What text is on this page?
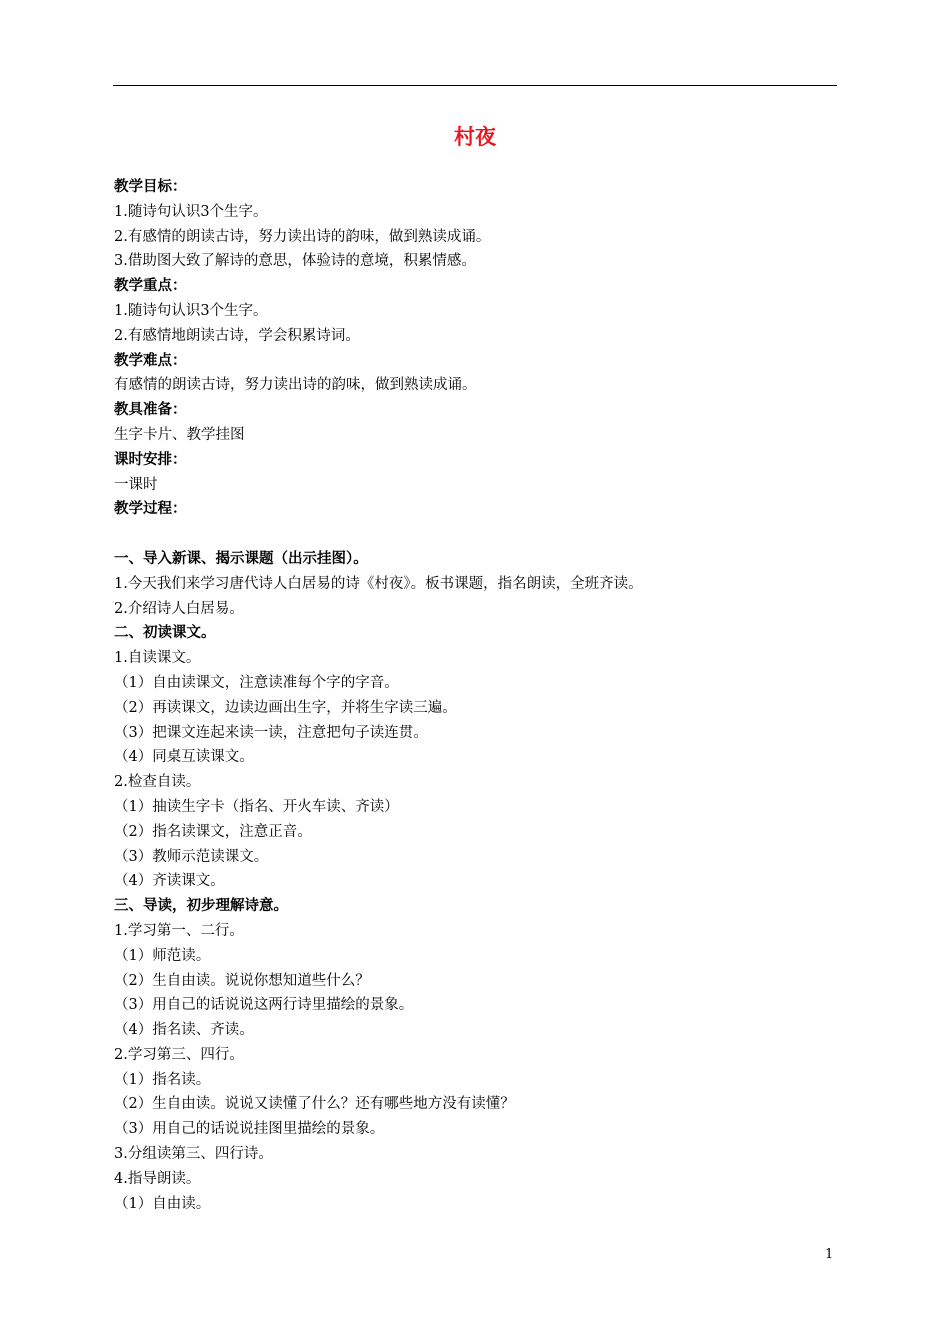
村夜
教学目标：
1.随诗句认识3个生字。
2.有感情的朗读古诗，努力读出诗的韵味，做到熟读成诵。
3.借助图大致了解诗的意思，体验诗的意境，积累情感。
教学重点：
1.随诗句认识3个生字。
2.有感情地朗读古诗，学会积累诗词。
教学难点：
有感情的朗读古诗，努力读出诗的韵味，做到熟读成诵。
教具准备：
生字卡片、教学挂图
课时安排：
一课时
教学过程：
一、导入新课、揭示课题（出示挂图）。
1.今天我们来学习唐代诗人白居易的诗《村夜》。板书课题，指名朗读，全班齐读。
2.介绍诗人白居易。
二、初读课文。
1.自读课文。
（1）自由读课文，注意读准每个字的字音。
（2）再读课文，边读边画出生字，并将生字读三遍。
（3）把课文连起来读一读，注意把句子读连贯。
（4）同桌互读课文。
2.检查自读。
（1）抽读生字卡（指名、开火车读、齐读）
（2）指名读课文，注意正音。
（3）教师示范读课文。
（4）齐读课文。
三、导读，初步理解诗意。
1.学习第一、二行。
（1）师范读。
（2）生自由读。说说你想知道些什么？
（3）用自己的话说说这两行诗里描绘的景象。
（4）指名读、齐读。
2.学习第三、四行。
（1）指名读。
（2）生自由读。说说又读懂了什么？还有哪些地方没有读懂？
（3）用自己的话说说挂图里描绘的景象。
3.分组读第三、四行诗。
4.指导朗读。
（1）自由读。
1
